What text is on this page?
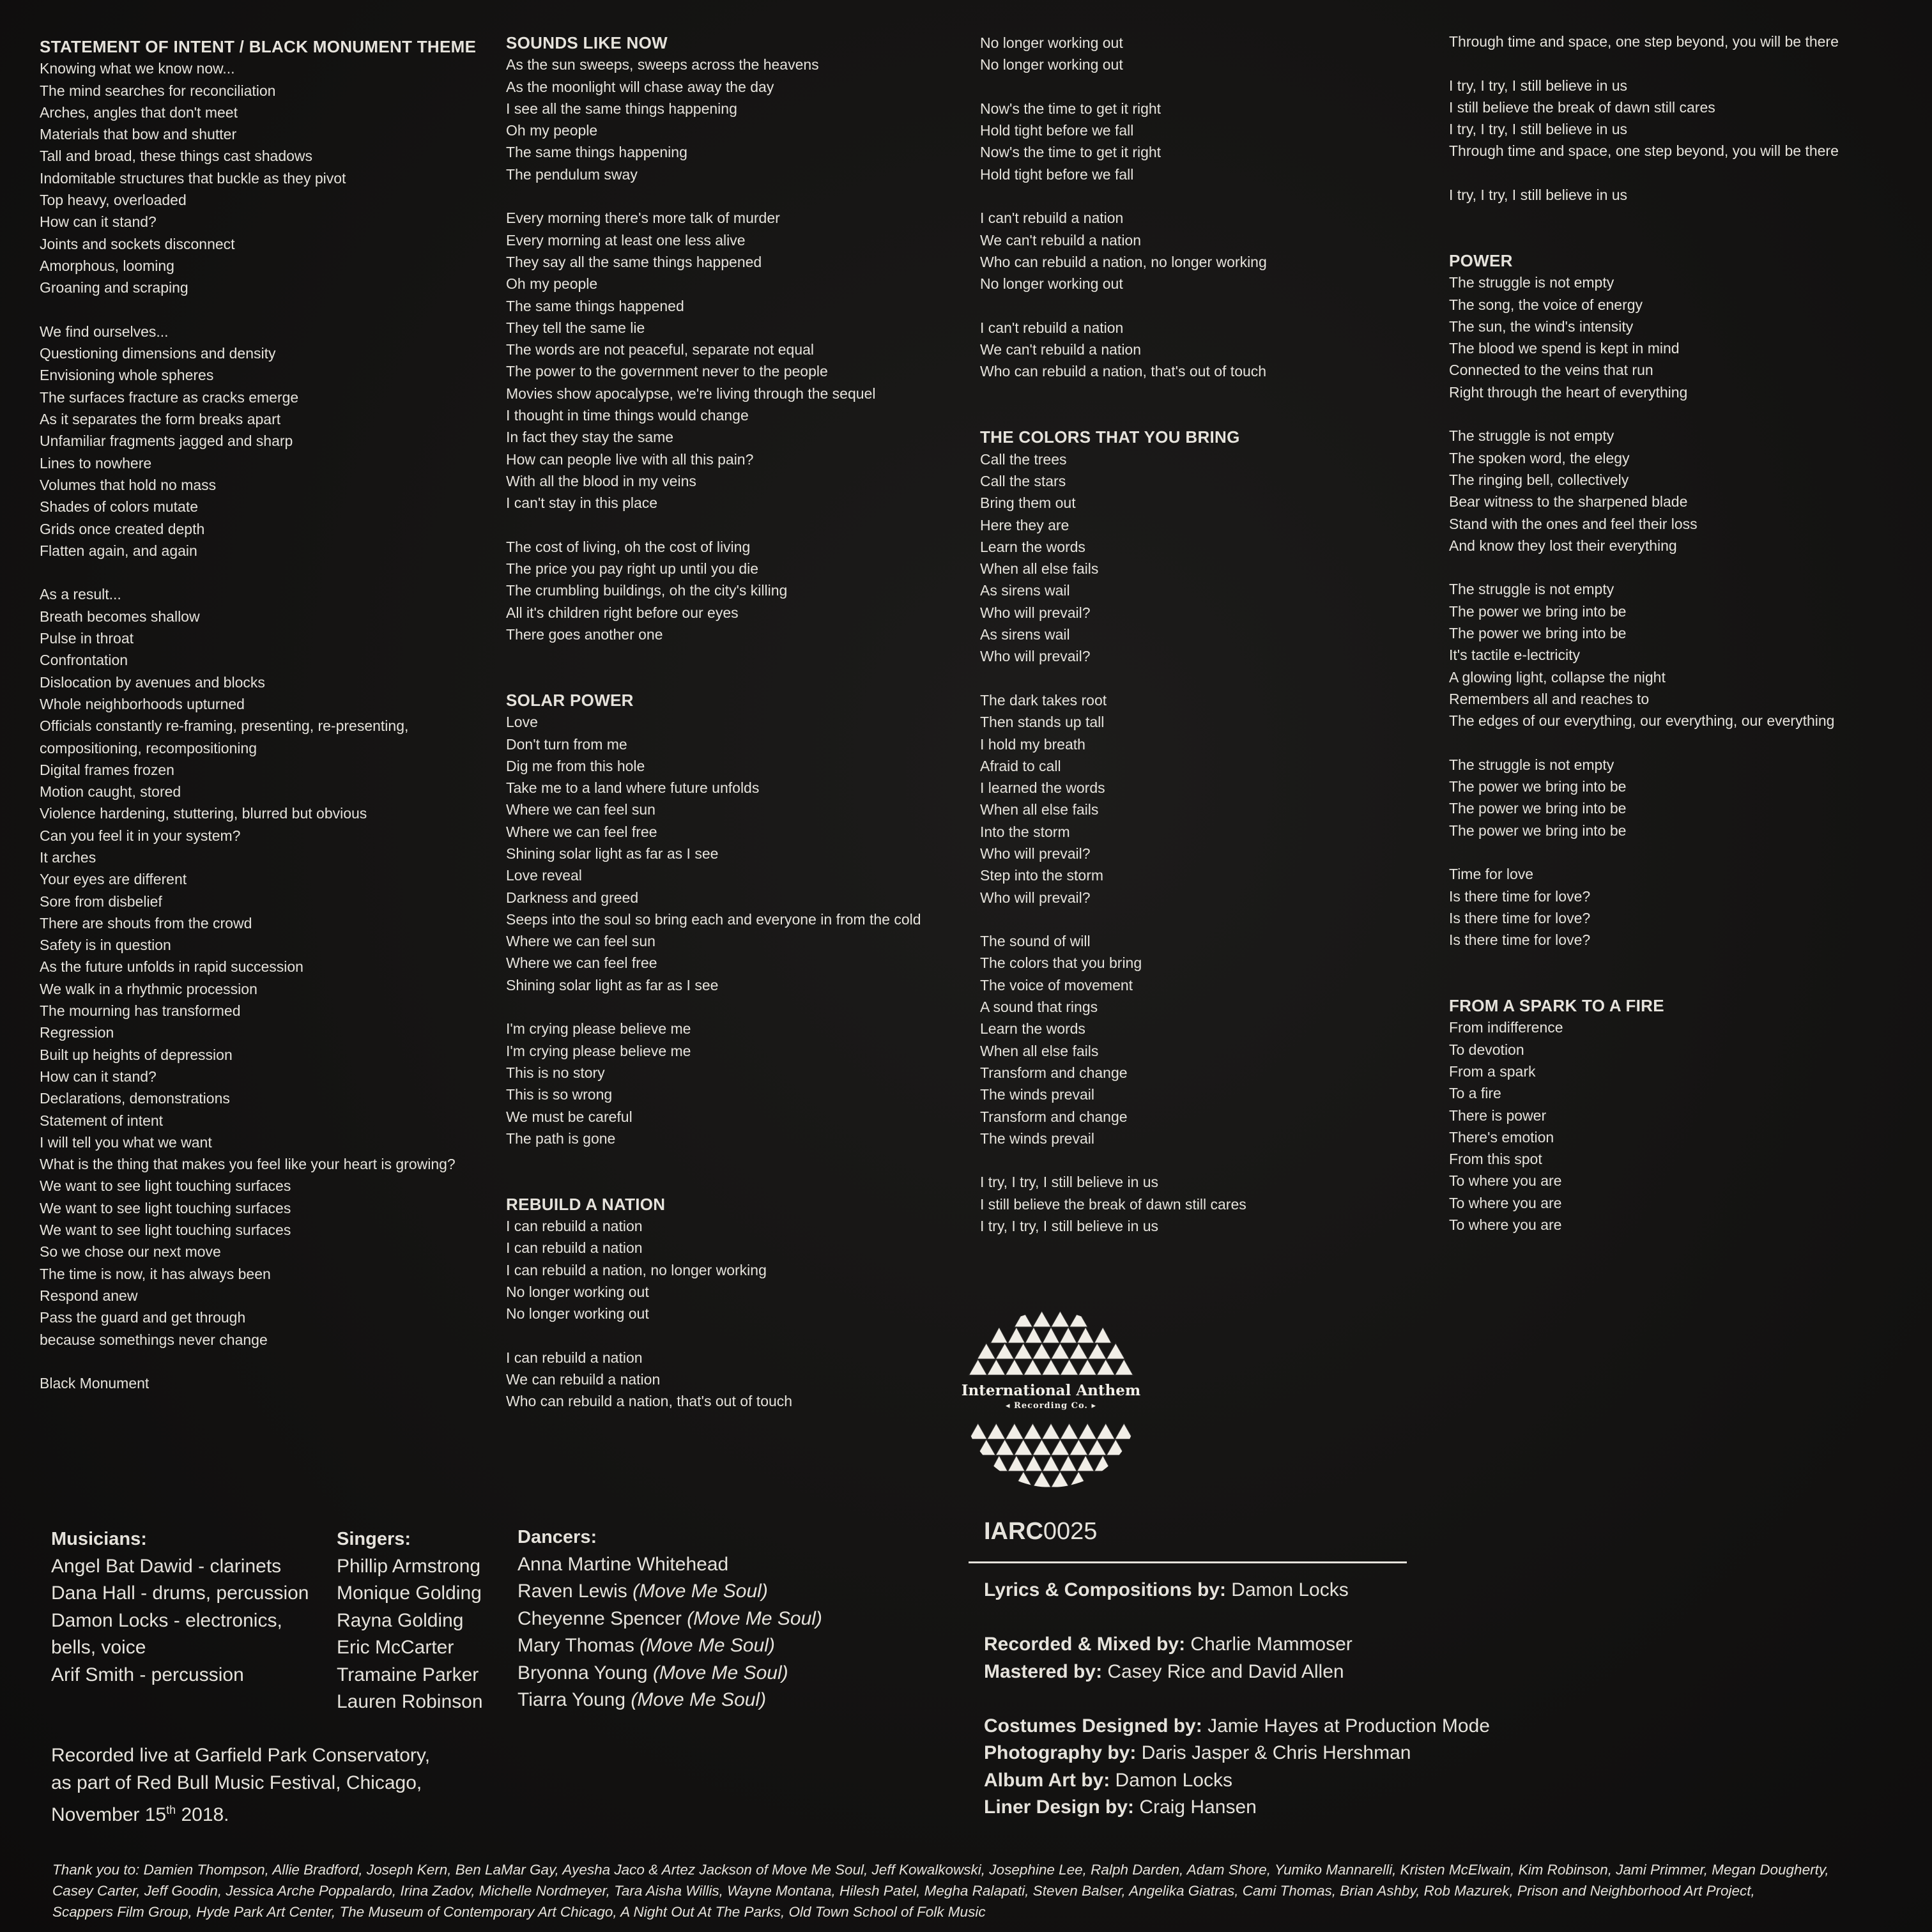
STATEMENT OF INTENT / BLACK MONUMENT THEME
Knowing what we know now...
The mind searches for reconciliation
Arches, angles that don't meet
Materials that bow and shutter
Tall and broad, these things cast shadows
Indomitable structures that buckle as they pivot
Top heavy, overloaded
How can it stand?
Joints and sockets disconnect
Amorphous, looming
Groaning and scraping
We find ourselves...
Questioning dimensions and density
Envisioning whole spheres
The surfaces fracture as cracks emerge
As it separates the form breaks apart
Unfamiliar fragments jagged and sharp
Lines to nowhere
Volumes that hold no mass
Shades of colors mutate
Grids once created depth
Flatten again, and again
As a result...
Breath becomes shallow
Pulse in throat
Confrontation
Dislocation by avenues and blocks
Whole neighborhoods upturned
Officials constantly re-framing, presenting, re-presenting,
compositioning, recompositioning
Digital frames frozen
Motion caught, stored
Violence hardening, stuttering, blurred but obvious
Can you feel it in your system?
It arches
Your eyes are different
Sore from disbelief
There are shouts from the crowd
Safety is in question
As the future unfolds in rapid succession
We walk in a rhythmic procession
The mourning has transformed
Regression
Built up heights of depression
How can it stand?
Declarations, demonstrations
Statement of intent
I will tell you what we want
What is the thing that makes you feel like your heart is growing?
We want to see light touching surfaces
We want to see light touching surfaces
We want to see light touching surfaces
So we chose our next move
The time is now, it has always been
Respond anew
Pass the guard and get through
because somethings never change
Black Monument
SOUNDS LIKE NOW
As the sun sweeps, sweeps across the heavens
As the moonlight will chase away the day
I see all the same things happening
Oh my people
The same things happening
The pendulum sway
Every morning there's more talk of murder
Every morning at least one less alive
They say all the same things happened
Oh my people
The same things happened
They tell the same lie
The words are not peaceful, separate not equal
The power to the government never to the people
Movies show apocalypse, we're living through the sequel
I thought in time things would change
In fact they stay the same
How can people live with all this pain?
With all the blood in my veins
I can't stay in this place
The cost of living, oh the cost of living
The price you pay right up until you die
The crumbling buildings, oh the city's killing
All it's children right before our eyes
There goes another one
SOLAR POWER
Love
Don't turn from me
Dig me from this hole
Take me to a land where future unfolds
Where we can feel sun
Where we can feel free
Shining solar light as far as I see
Love reveal
Darkness and greed
Seeps into the soul so bring each and everyone in from the cold
Where we can feel sun
Where we can feel free
Shining solar light as far as I see
I'm crying please believe me
I'm crying please believe me
This is no story
This is so wrong
We must be careful
The path is gone
REBUILD A NATION
I can rebuild a nation
I can rebuild a nation
I can rebuild a nation, no longer working
No longer working out
No longer working out
I can rebuild a nation
We can rebuild a nation
Who can rebuild a nation, that's out of touch
No longer working out
No longer working out
Now's the time to get it right
Hold tight before we fall
Now's the time to get it right
Hold tight before we fall
I can't rebuild a nation
We can't rebuild a nation
Who can rebuild a nation, no longer working
No longer working out
I can't rebuild a nation
We can't rebuild a nation
Who can rebuild a nation, that's out of touch
THE COLORS THAT YOU BRING
Call the trees
Call the stars
Bring them out
Here they are
Learn the words
When all else fails
As sirens wail
Who will prevail?
As sirens wail
Who will prevail?
The dark takes root
Then stands up tall
I hold my breath
Afraid to call
I learned the words
When all else fails
Into the storm
Who will prevail?
Step into the storm
Who will prevail?
The sound of will
The colors that you bring
The voice of movement
A sound that rings
Learn the words
When all else fails
Transform and change
The winds prevail
Transform and change
The winds prevail
I try, I try, I still believe in us
I still believe the break of dawn still cares
I try, I try, I still believe in us
Through time and space, one step beyond, you will be there
I try, I try, I still believe in us
I still believe the break of dawn still cares
I try, I try, I still believe in us
Through time and space, one step beyond, you will be there
I try, I try, I still believe in us
POWER
The struggle is not empty
The song, the voice of energy
The sun, the wind's intensity
The blood we spend is kept in mind
Connected to the veins that run
Right through the heart of everything
The struggle is not empty
The spoken word, the elegy
The ringing bell, collectively
Bear witness to the sharpened blade
Stand with the ones and feel their loss
And know they lost their everything
The struggle is not empty
The power we bring into be
The power we bring into be
It's tactile e-lectricity
A glowing light, collapse the night
Remembers all and reaches to
The edges of our everything, our everything, our everything
The struggle is not empty
The power we bring into be
The power we bring into be
The power we bring into be
Time for love
Is there time for love?
Is there time for love?
Is there time for love?
FROM A SPARK TO A FIRE
From indifference
To devotion
From a spark
To a fire
There is power
There's emotion
From this spot
To where you are
To where you are
To where you are
International Anthem
◂ Recording Co. ▸
Musicians:
Angel Bat Dawid - clarinets
Dana Hall - drums, percussion
Damon Locks - electronics,
bells, voice
Arif Smith - percussion
Singers:
Phillip Armstrong
Monique Golding
Rayna Golding
Eric McCarter
Tramaine Parker
Lauren Robinson
Dancers:
Anna Martine Whitehead
Raven Lewis (Move Me Soul)
Cheyenne Spencer (Move Me Soul)
Mary Thomas (Move Me Soul)
Bryonna Young (Move Me Soul)
Tiarra Young (Move Me Soul)
Recorded live at Garfield Park Conservatory,
as part of Red Bull Music Festival, Chicago,
November 15th 2018.
IARC0025
Lyrics & Compositions by: Damon Locks
Recorded & Mixed by: Charlie Mammoser
Mastered by: Casey Rice and David Allen
Costumes Designed by: Jamie Hayes at Production Mode
Photography by: Daris Jasper & Chris Hershman
Album Art by: Damon Locks
Liner Design by: Craig Hansen
Thank you to: Damien Thompson, Allie Bradford, Joseph Kern, Ben LaMar Gay, Ayesha Jaco & Artez Jackson of Move Me Soul, Jeff Kowalkowski, Josephine Lee, Ralph Darden, Adam Shore, Yumiko Mannarelli, Kristen McElwain, Kim Robinson, Jami Primmer, Megan Dougherty,
Casey Carter, Jeff Goodin, Jessica Arche Poppalardo, Irina Zadov, Michelle Nordmeyer, Tara Aisha Willis, Wayne Montana, Hilesh Patel, Megha Ralapati, Steven Balser, Angelika Giatras, Cami Thomas, Brian Ashby, Rob Mazurek, Prison and Neighborhood Art Project,
Scappers Film Group, Hyde Park Art Center, The Museum of Contemporary Art Chicago, A Night Out At The Parks, Old Town School of Folk Music
